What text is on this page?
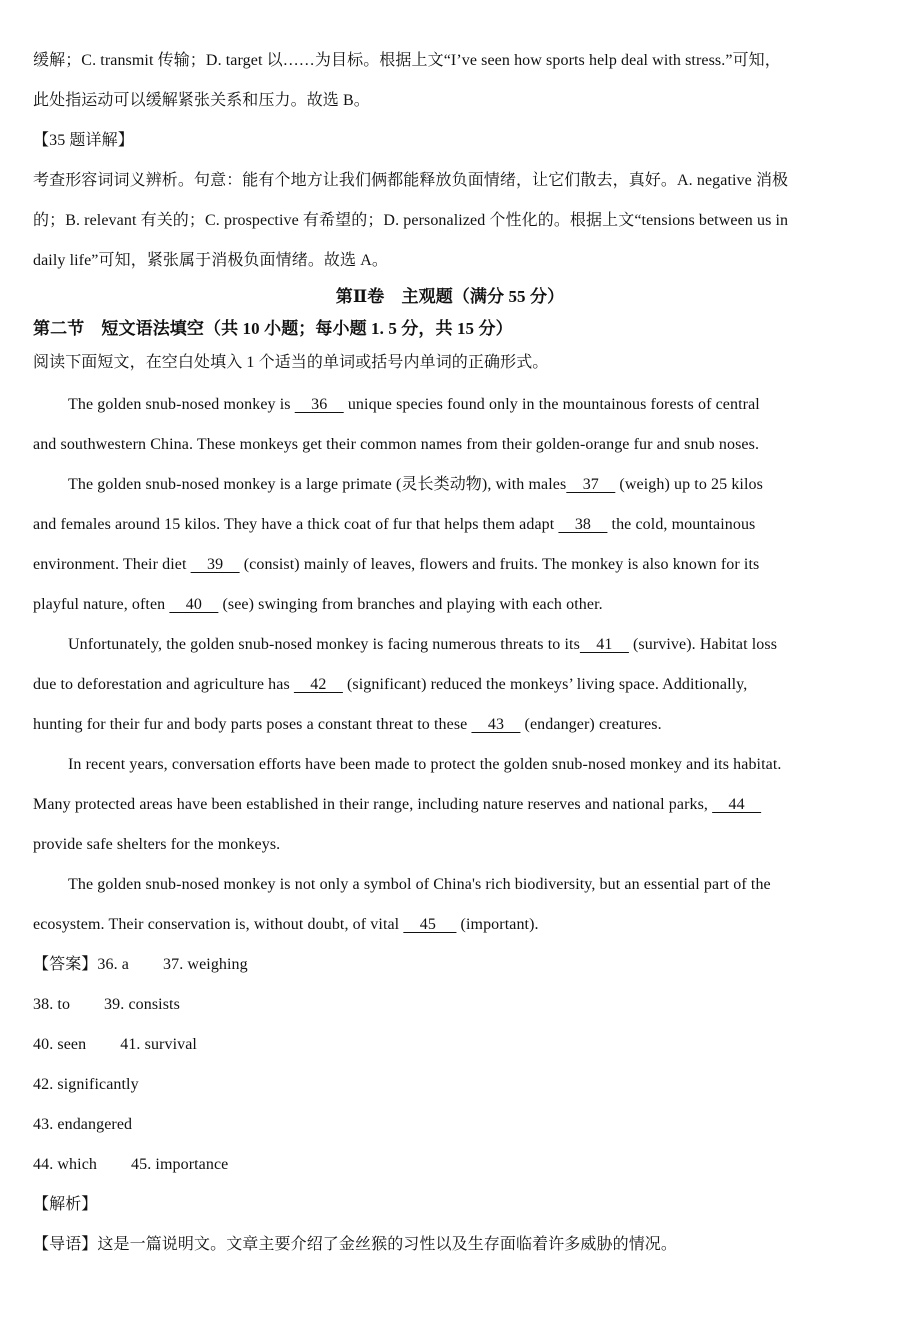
缓解；C. transmit 传输；D. target 以……为目标。根据上文“I’ve seen how sports help deal with stress.”可知，
此处指运动可以缓解紧张关系和压力。故选 B。
【35 题详解】
考查形容词词义辨析。句意：能有个地方让我们俩都能释放负面情绪，让它们散去，真好。A. negative 消极
的；B. relevant 有关的；C. prospective 有希望的；D. personalized 个性化的。根据上文“tensions between us in
daily life”可知，紧张属于消极负面情绪。故选 A。
第Ⅱ卷　主观题（满分 55 分）
第二节　短文语法填空（共 10 小题；每小题 1. 5 分，共 15 分）
阅读下面短文，在空白处填入 1 个适当的单词或括号内单词的正确形式。
The golden snub-nosed monkey is     36     unique species found only in the mountainous forests of central
and southwestern China. These monkeys get their common names from their golden-orange fur and snub noses.
The golden snub-nosed monkey is a large primate (灵长类动物), with males    37     (weigh) up to 25 kilos
and females around 15 kilos. They have a thick coat of fur that helps them adapt     38     the cold, mountainous
environment. Their diet     39     (consist) mainly of leaves, flowers and fruits. The monkey is also known for its
playful nature, often     40     (see) swinging from branches and playing with each other.
Unfortunately, the golden snub-nosed monkey is facing numerous threats to its    41     (survive). Habitat loss
due to deforestation and agriculture has     42     (significant) reduced the monkeys’ living space. Additionally,
hunting for their fur and body parts poses a constant threat to these     43     (endanger) creatures.
In recent years, conversation efforts have been made to protect the golden snub-nosed monkey and its habitat.
Many protected areas have been established in their range, including nature reserves and national parks,     44
provide safe shelters for the monkeys.
The golden snub-nosed monkey is not only a symbol of China's rich biodiversity, but an essential part of the
ecosystem. Their conservation is, without doubt, of vital     45      (important).
【答案】36. a 37. weighing
38. to 39. consists
40. seen 41. survival
42. significantly
43. endangered
44. which 45. importance
【解析】
【导语】这是一篇说明文。文章主要介绍了金丝猴的习性以及生存面临着许多威胁的情况。
